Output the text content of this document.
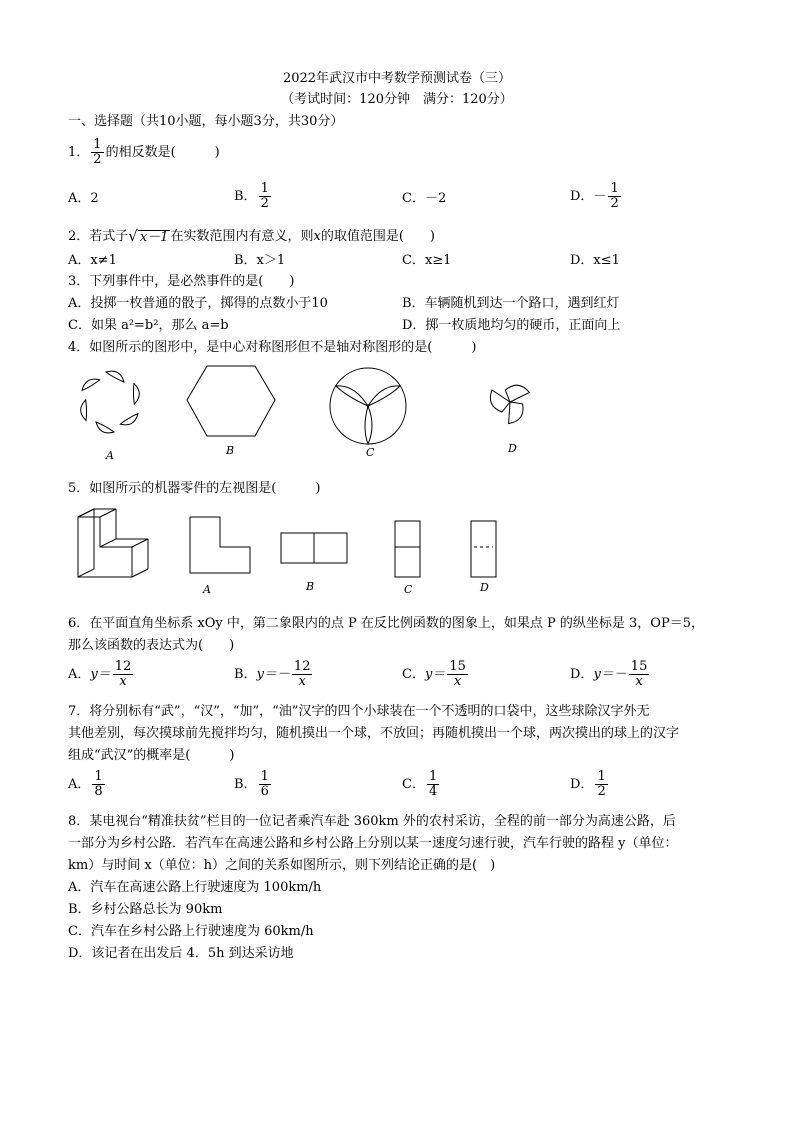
2022年武汉市中考数学预测试卷（三）
（考试时间：120分钟　满分：120分）
一、选择题（共10小题，每小题3分，共30分）
1． $\frac{1}{2}$ 的相反数是(　　　)
A．2	B． $\frac{1}{2}$	C．－2	D．－ $\frac{1}{2}$
2．若式子 √ x－1 在实数范围内有意义，则 x 的取值范围是(　　)
A．x≠1	B．x＞1	C．x≥1	D．x≤1
3．下列事件中，是必然事件的是(　　)
A．投掷一枚普通的骰子，掷得的点数小于10	B．车辆随机到达一个路口，遇到红灯
C．如果 a²=b²，那么 a=b	D．掷一枚质地均匀的硬币，正面向上
4．如图所示的图形中，是中心对称图形但不是轴对称图形的是(　　　)
A	B	C	D
5．如图所示的机器零件的左视图是(　　　)
A	B	C	D
6．在平面直角坐标系 xOy 中，第二象限内的点 P 在反比例函数的图象上，如果点 P 的纵坐标是 3，OP＝5，
那么该函数的表达式为(　　)
A． $y= \frac{12}{x}$	B． $y=- \frac{12}{x}$	C． $y= \frac{15}{x}$	D． $y=- \frac{15}{x}$
7．将分别标有“武”，“汉”，“加”，“油”汉字的四个小球装在一个不透明的口袋中，这些球除汉字外无
其他差别，每次摸球前先搅拌均匀，随机摸出一个球，不放回；再随机摸出一个球，两次摸出的球上的汉字
组成“武汉”的概率是(　　　)
A． $\frac{1}{8}$	B． $\frac{1}{6}$	C． $\frac{1}{4}$	D． $\frac{1}{2}$
8．某电视台“精准扶贫”栏目的一位记者乘汽车赴 360km 外的农村采访，全程的前一部分为高速公路，后
一部分为乡村公路．若汽车在高速公路和乡村公路上分别以某一速度匀速行驶，汽车行驶的路程 y（单位：
km）与时间 x（单位：h）之间的关系如图所示，则下列结论正确的是(　)
A．汽车在高速公路上行驶速度为 100km/h
B．乡村公路总长为 90km
C．汽车在乡村公路上行驶速度为 60km/h
D．该记者在出发后 4．5h 到达采访地
